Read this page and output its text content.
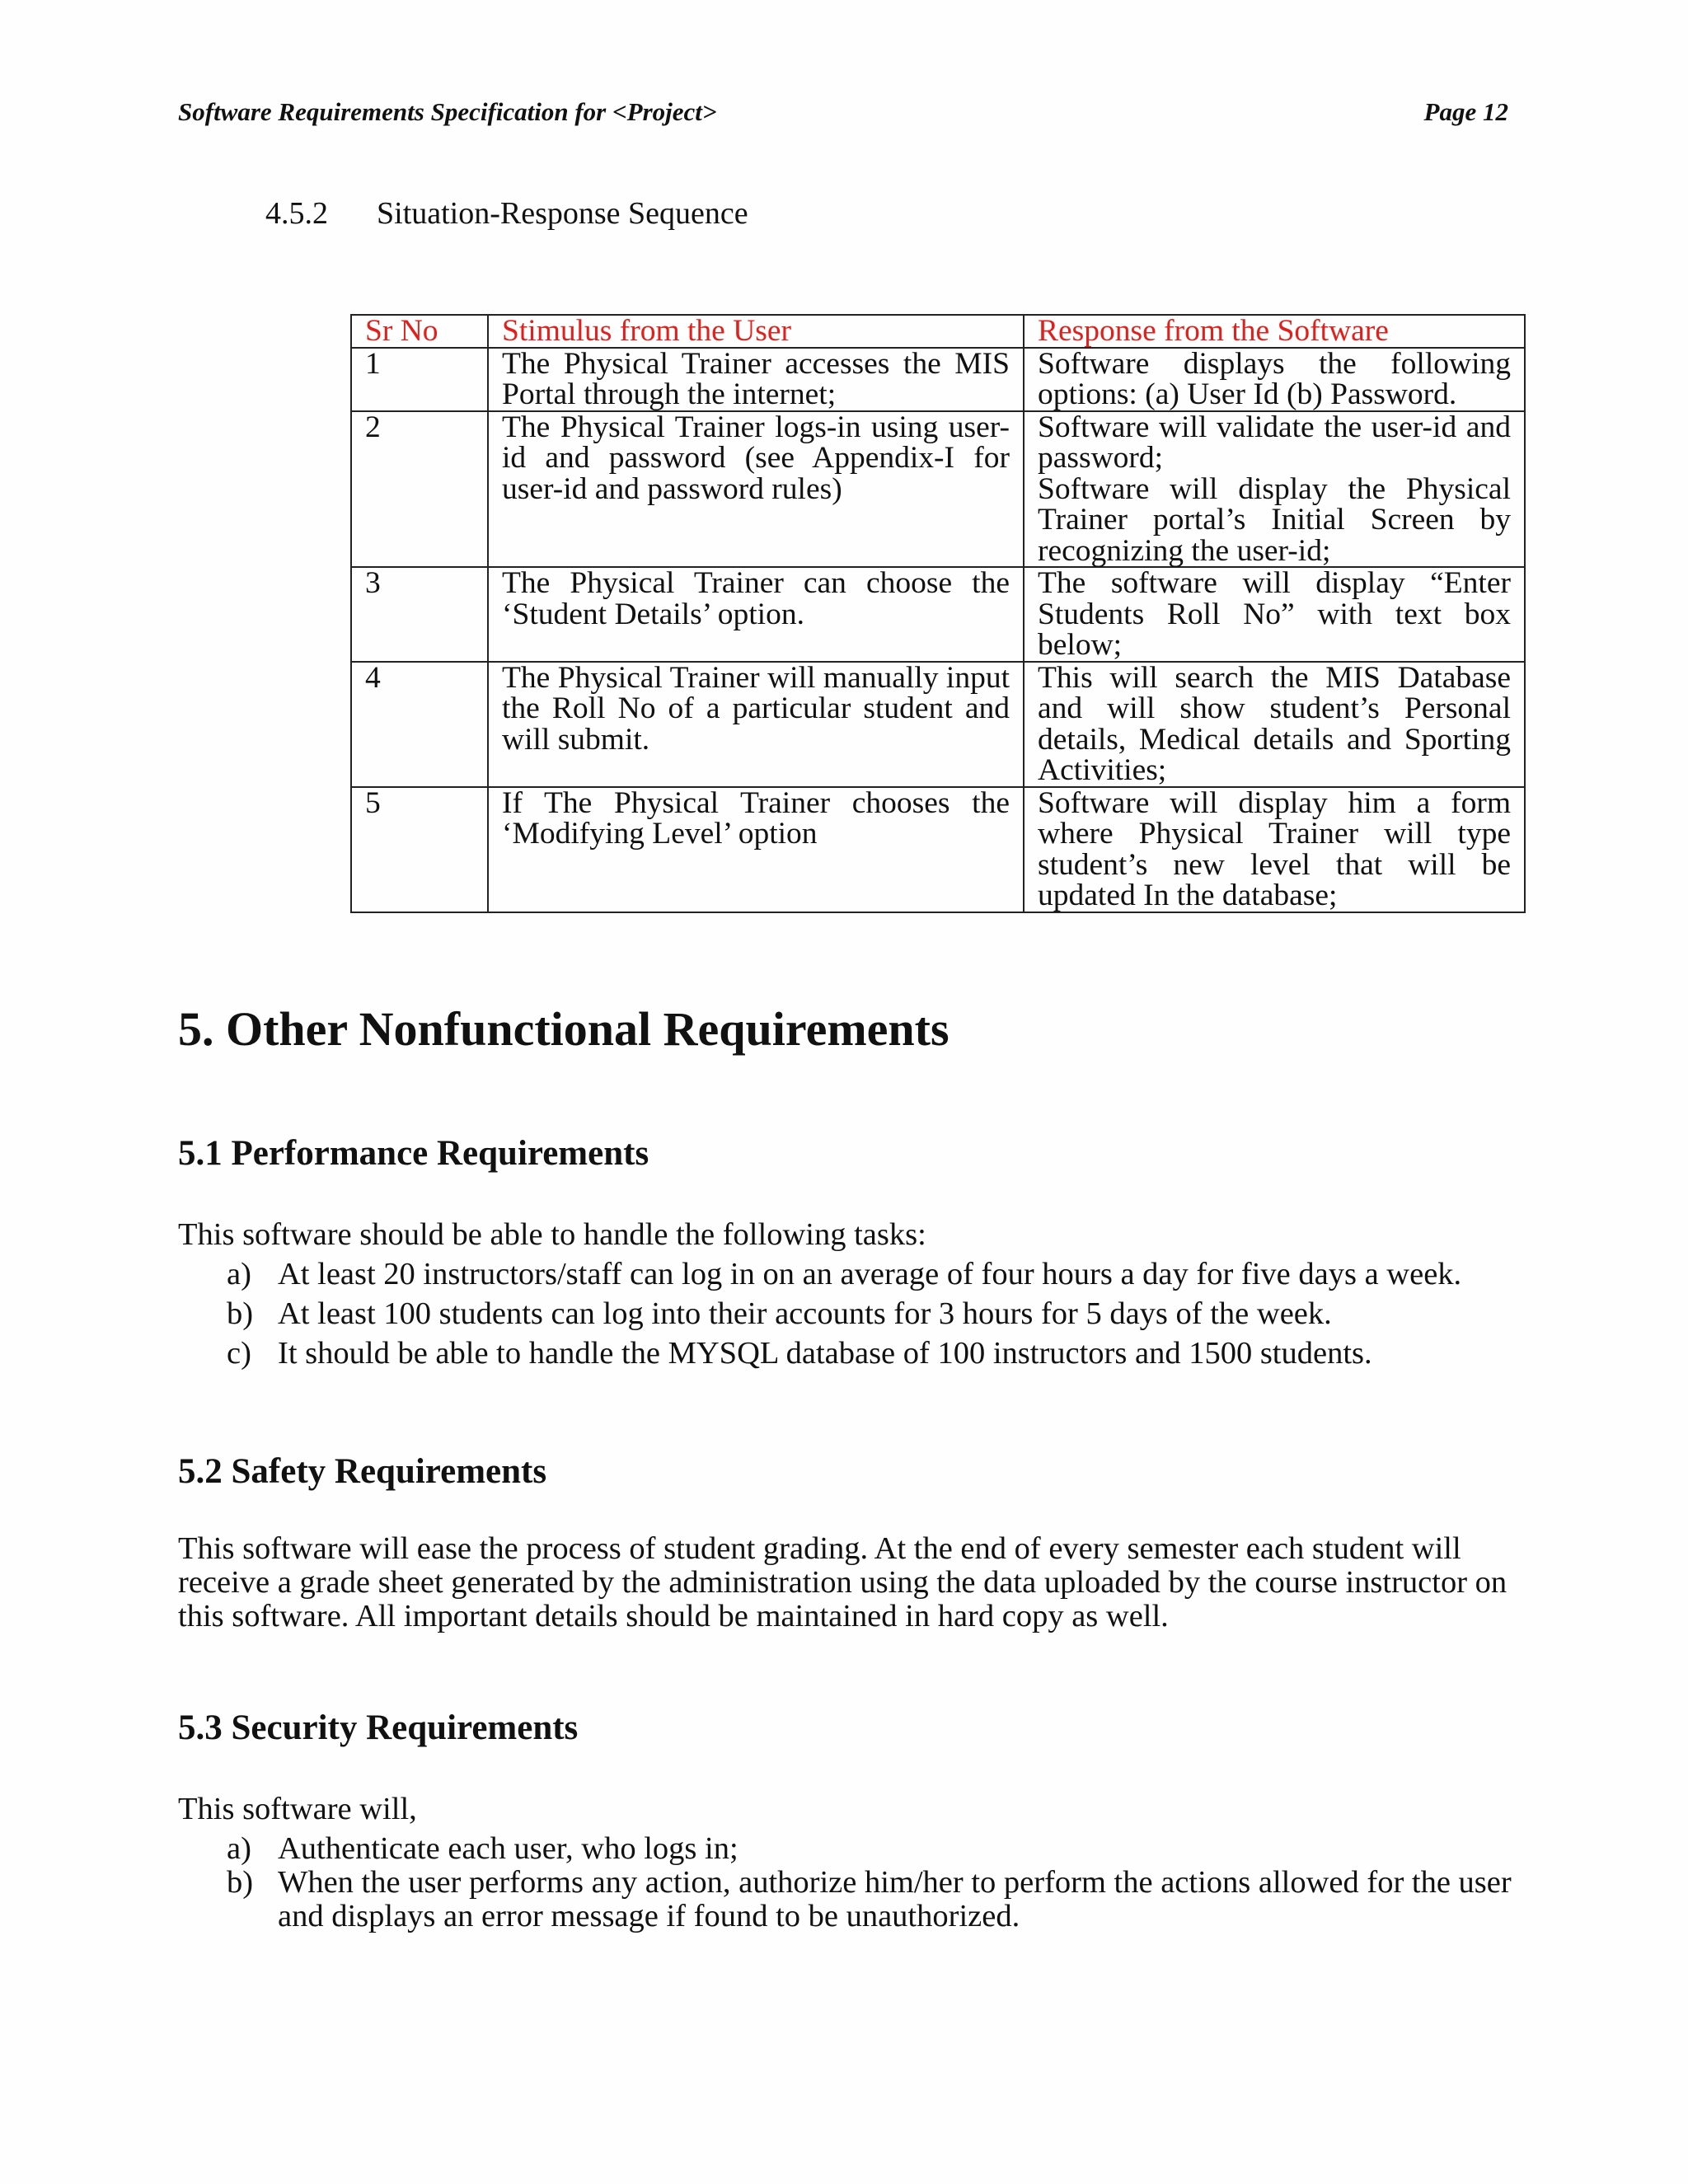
Software Requirements Specification for <Project>	Page 12
4.5.2 Situation-Response Sequence
Sr No	Stimulus from the User	Response from the Software
1	The Physical Trainer accesses the MIS Portal through the internet;	Software displays the following options: (a) User Id (b) Password.
2	The Physical Trainer logs-in using user-id and password (see Appendix-I for user-id and password rules)	Software will validate the user-id and password;
Software will display the Physical Trainer portal’s Initial Screen by recognizing the user-id;

3	The Physical Trainer can choose the ‘Student Details’ option.	The software will display “Enter Students Roll No” with text box below;
4	The Physical Trainer will manually input the Roll No of a particular student and will submit.	This will search the MIS Database and will show student’s Personal details, Medical details and Sporting Activities;
5	If The Physical Trainer chooses the ‘Modifying Level’ option	Software will display him a form where Physical Trainer will type student’s new level that will be updated In the database;
5. Other Nonfunctional Requirements
5.1 Performance Requirements
This software should be able to handle the following tasks:
a) At least 20 instructors/staff can log in on an average of four hours a day for five days a week.
b) At least 100 students can log into their accounts for 3 hours for 5 days of the week.
c) It should be able to handle the MYSQL database of 100 instructors and 1500 students.
5.2 Safety Requirements
This software will ease the process of student grading. At the end of every semester each student will receive a grade sheet generated by the administration using the data uploaded by the course instructor on this software. All important details should be maintained in hard copy as well.
5.3 Security Requirements
This software will,
a) Authenticate each user, who logs in;
b) When the user performs any action, authorize him/her to perform the actions allowed for the user and displays an error message if found to be unauthorized.
